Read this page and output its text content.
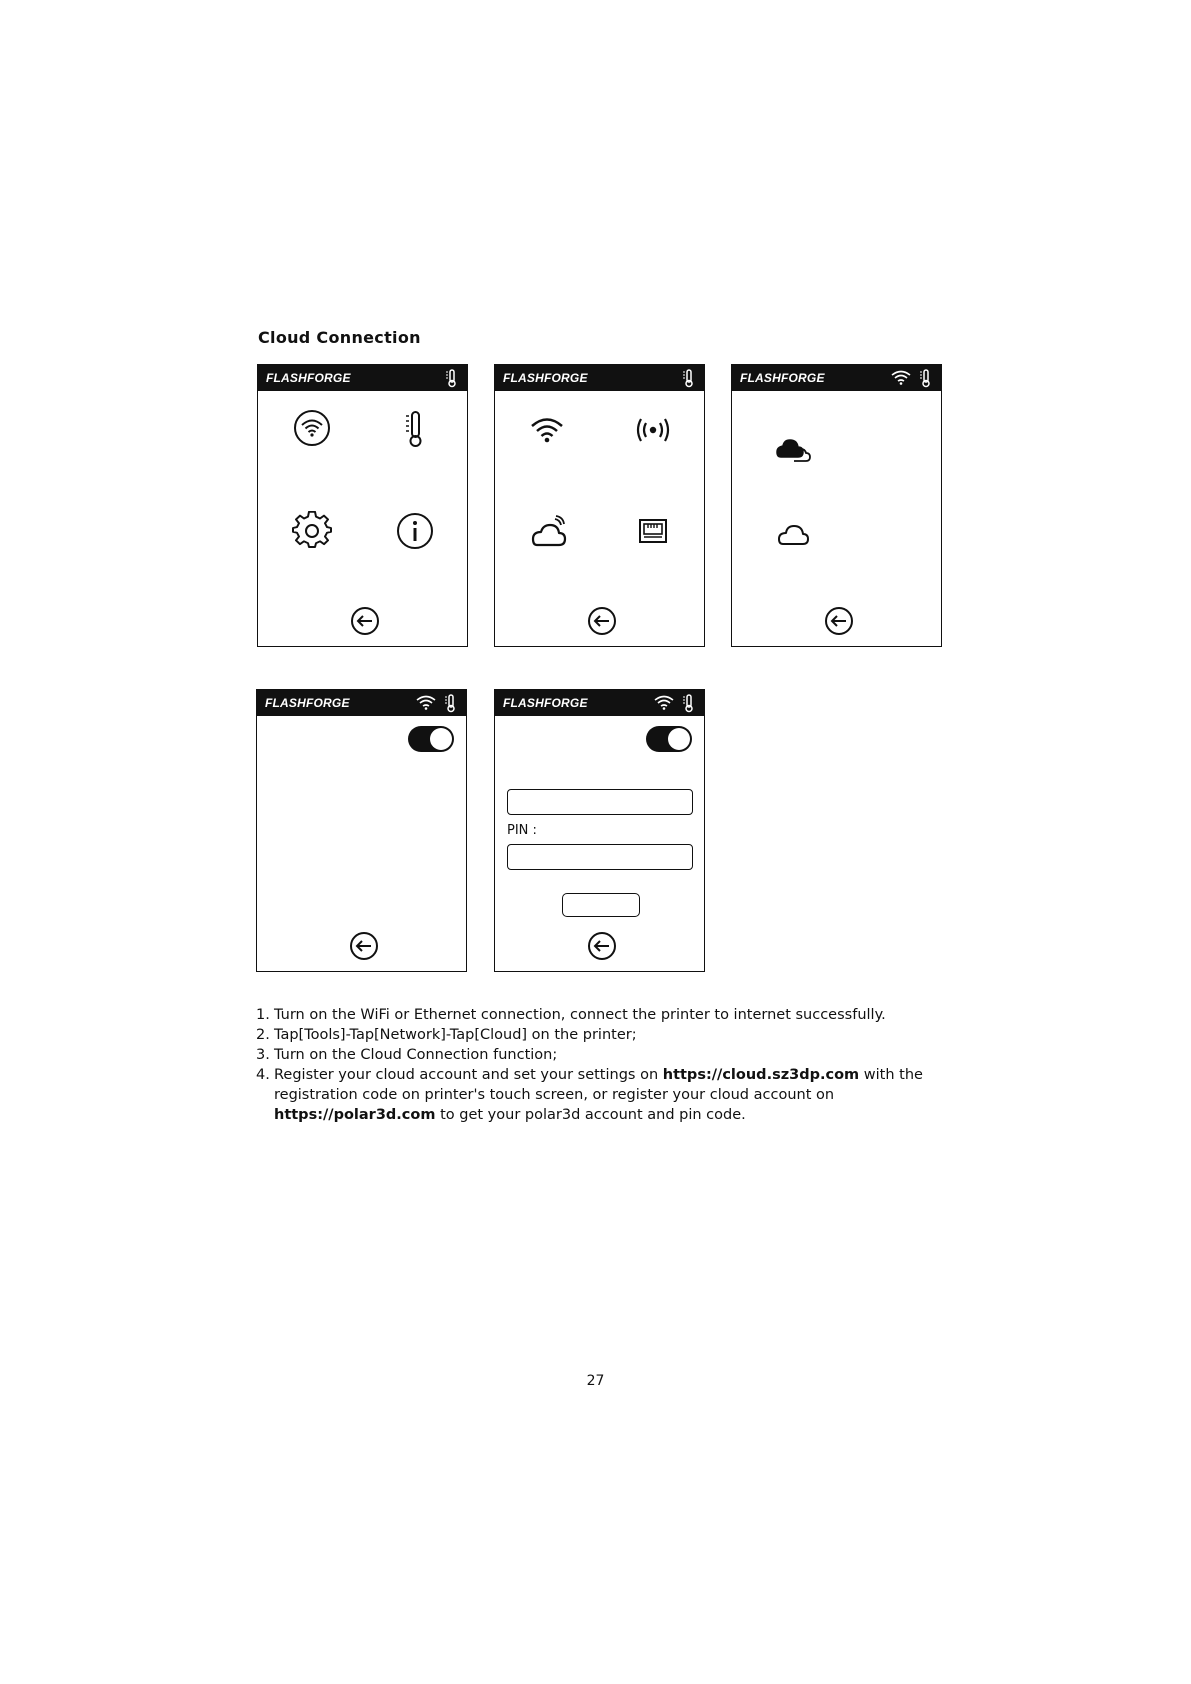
Cloud Connection
FLASHFORGE	FLASHFORGE	FLASHFORGE
FLASHFORGE	FLASHFORGE
PIN :
1. Turn on the WiFi or Ethernet connection, connect the printer to internet successfully.
2. Tap[Tools]-Tap[Network]-Tap[Cloud] on the printer;
3. Turn on the Cloud Connection function;
4. Register your cloud account and set your settings on https://cloud.sz3dp.com with the registration code on printer's touch screen, or register your cloud account on https://polar3d.com to get your polar3d account and pin code.
27
